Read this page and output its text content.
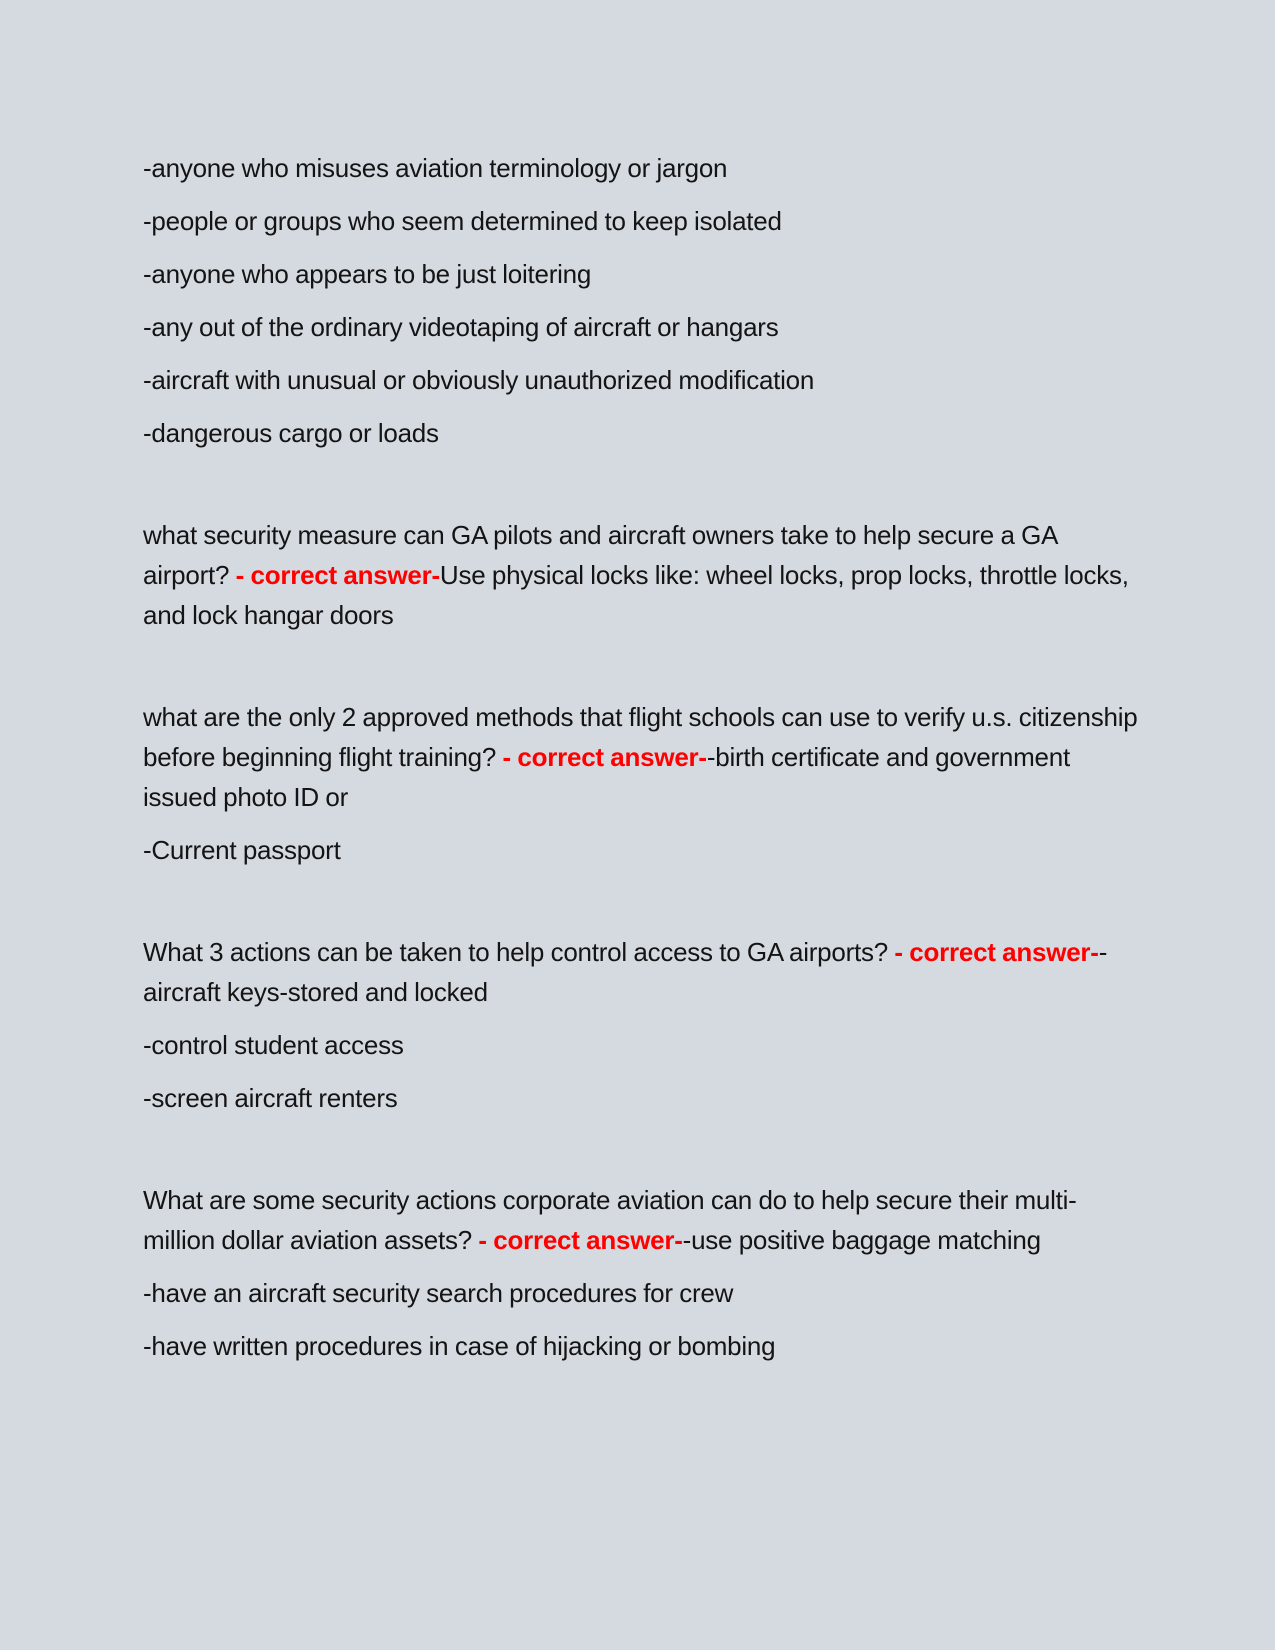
-anyone who misuses aviation terminology or jargon

-people or groups who seem determined to keep isolated

-anyone who appears to be just loitering

-any out of the ordinary videotaping of aircraft or hangars

-aircraft with unusual or obviously unauthorized modification

-dangerous cargo or loads

what security measure can GA pilots and aircraft owners take to help secure a GA airport? - correct answer-Use physical locks like: wheel locks, prop locks, throttle locks, and lock hangar doors

what are the only 2 approved methods that flight schools can use to verify u.s. citizenship before beginning flight training? - correct answer--birth certificate and government issued photo ID or

-Current passport

What 3 actions can be taken to help control access to GA airports? - correct answer--aircraft keys-stored and locked

-control student access

-screen aircraft renters

What are some security actions corporate aviation can do to help secure their multi-million dollar aviation assets? - correct answer--use positive baggage matching

-have an aircraft security search procedures for crew

-have written procedures in case of hijacking or bombing
